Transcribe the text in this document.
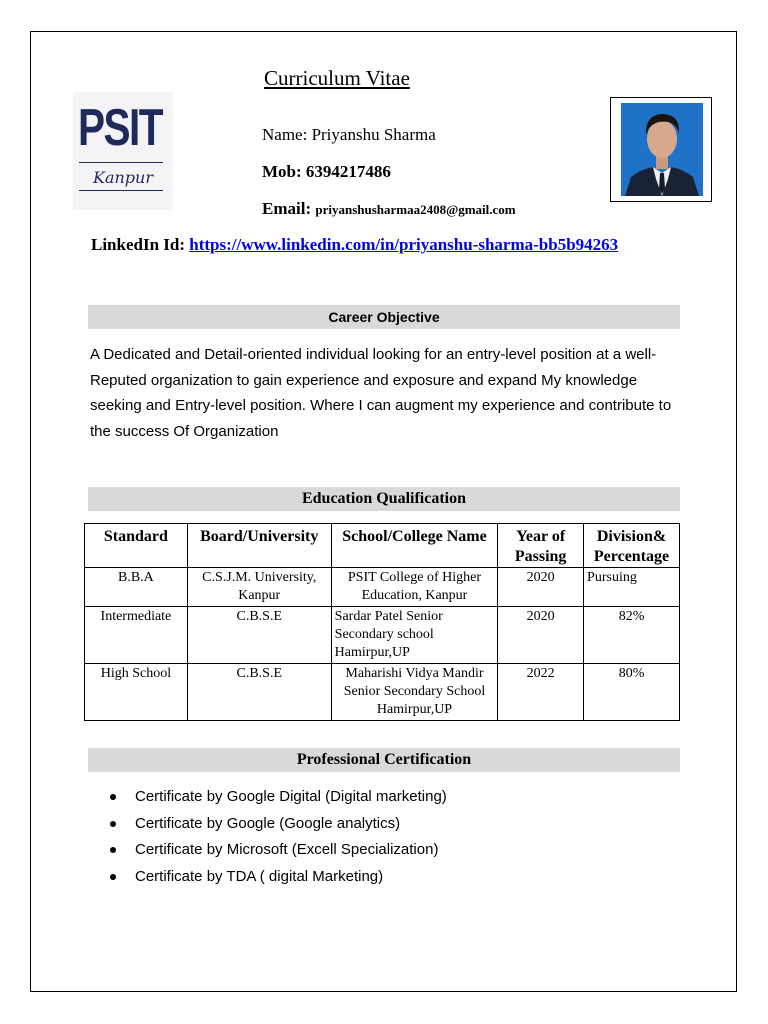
Curriculum Vitae
PSIT
Kanpur
Name: Priyanshu Sharma
Mob: 6394217486
Email: priyanshusharmaa2408@gmail.com
LinkedIn Id: https://www.linkedin.com/in/priyanshu-sharma-bb5b94263
Career Objective
A Dedicated and Detail-oriented individual looking for an entry-level position at a well-Reputed organization to gain experience and exposure and expand My knowledge seeking and Entry-level position. Where I can augment my experience and contribute to the success Of Organization
Education Qualification
Standard	Board/University	School/College Name	Year of Passing	Division& Percentage
B.B.A	C.S.J.M. University, Kanpur	PSIT College of Higher Education, Kanpur	2020	Pursuing
Intermediate	C.B.S.E	Sardar Patel Senior Secondary school Hamirpur,UP	2020	82%
High School	C.B.S.E	Maharishi Vidya Mandir Senior Secondary School Hamirpur,UP	2022	80%
Professional Certification
Certificate by Google Digital (Digital marketing)
Certificate by Google (Google analytics)
Certificate by Microsoft (Excell Specialization)
Certificate by TDA ( digital Marketing)
